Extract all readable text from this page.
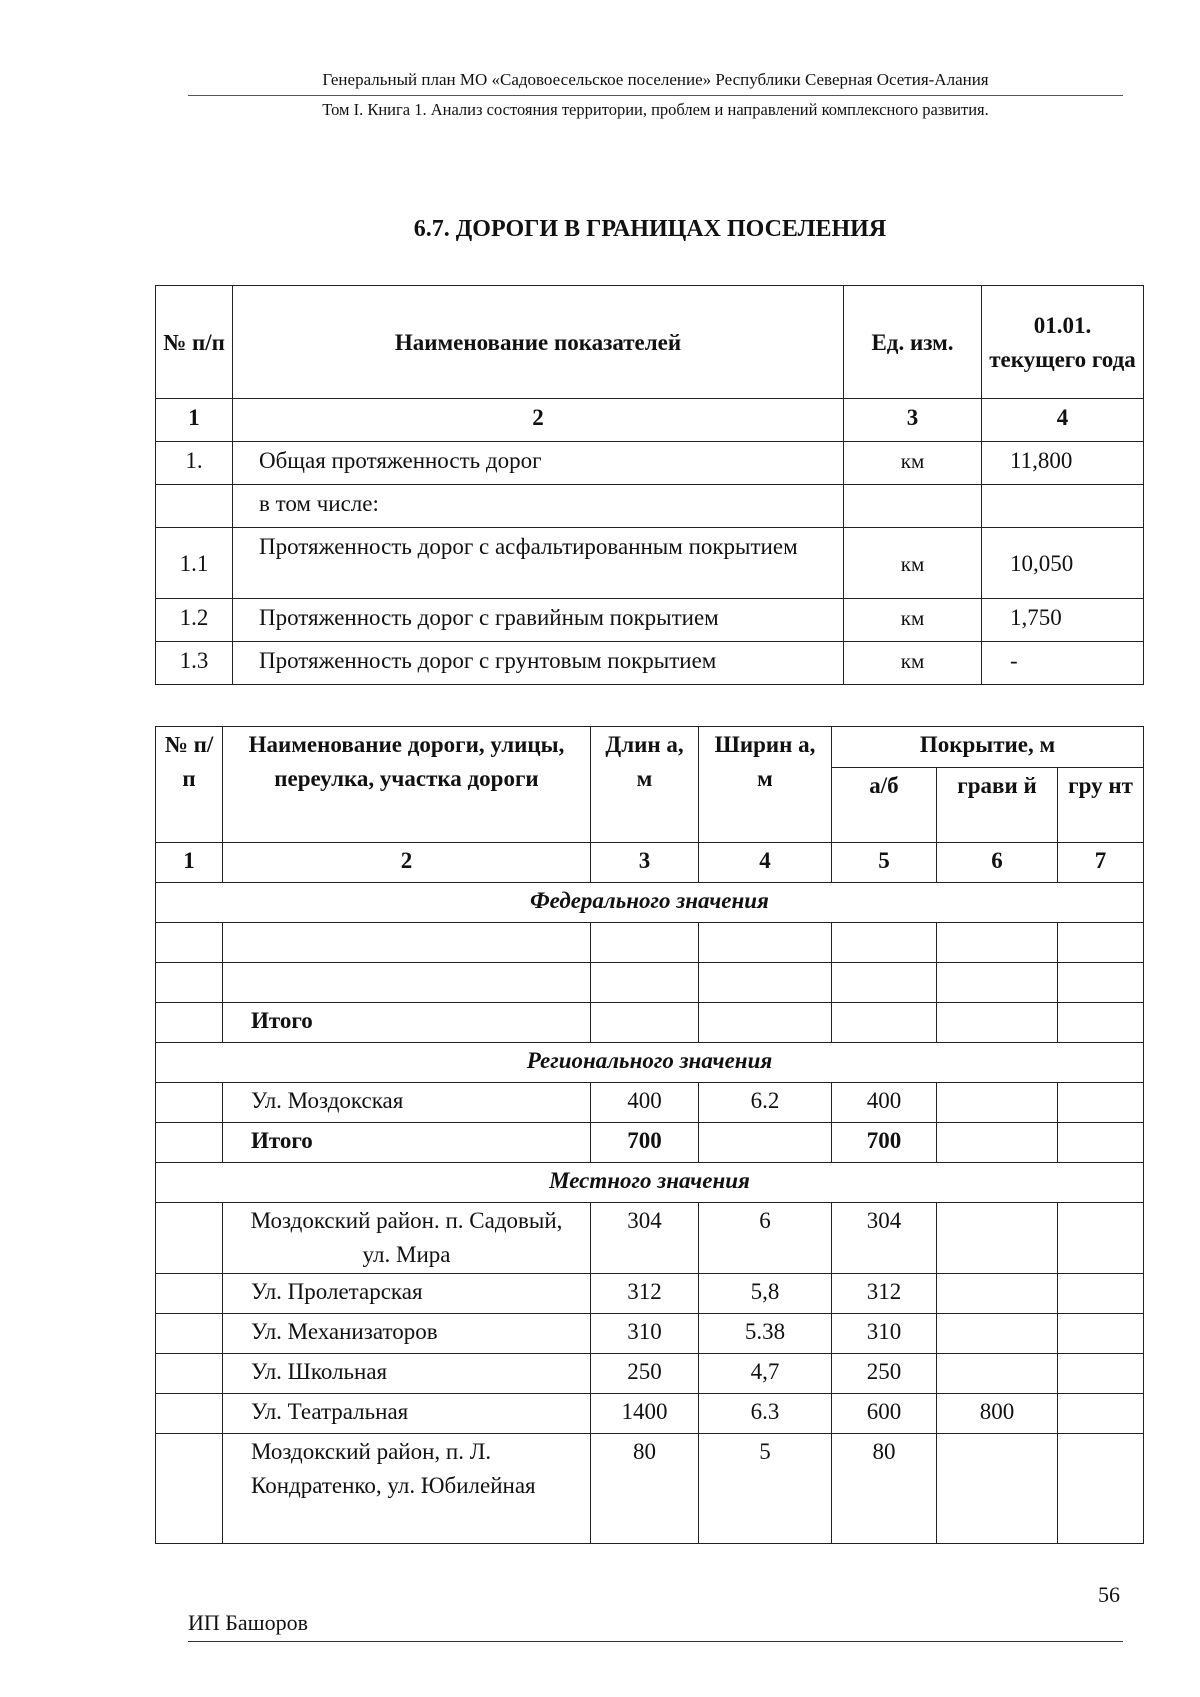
Генеральный план МО «Садовоесельское поселение» Республики Северная Осетия-Алания
Том I. Книга 1. Анализ состояния территории, проблем и направлений комплексного развития.
6.7. ДОРОГИ В ГРАНИЦАХ ПОСЕЛЕНИЯ
№ п/п	Наименование показателей	Ед. изм.	01.01. текущего года
1	2	3	4
1.	Общая протяженность дорог	км	11,800
	в том числе:		
1.1	Протяженность дорог с асфальтированным покрытием	км	10,050
1.2	Протяженность дорог с гравийным покрытием	км	1,750
1.3	Протяженность дорог с грунтовым покрытием	км	-
№ п/ п	Наименование дороги, улицы, переулка, участка дороги	Длин а, м	Ширин а, м	Покрытие, м		
				а/б	грави й	гру нт
1	2	3	4	5	6	7
Федерального значения						

	Итого					
Регионального значения						
	Ул. Моздокская	400	6.2	400		
	Итого	700		700		
Местного значения						
	Моздокский район. п. Садовый, ул. Мира	304	6	304		
	Ул. Пролетарская	312	5,8	312		
	Ул. Механизаторов	310	5.38	310		
	Ул. Школьная	250	4,7	250		
	Ул. Театральная	1400	6.3	600	800	
	Моздокский район, п. Л. Кондратенко, ул. Юбилейная	80	5	80		
56
ИП Башоров
